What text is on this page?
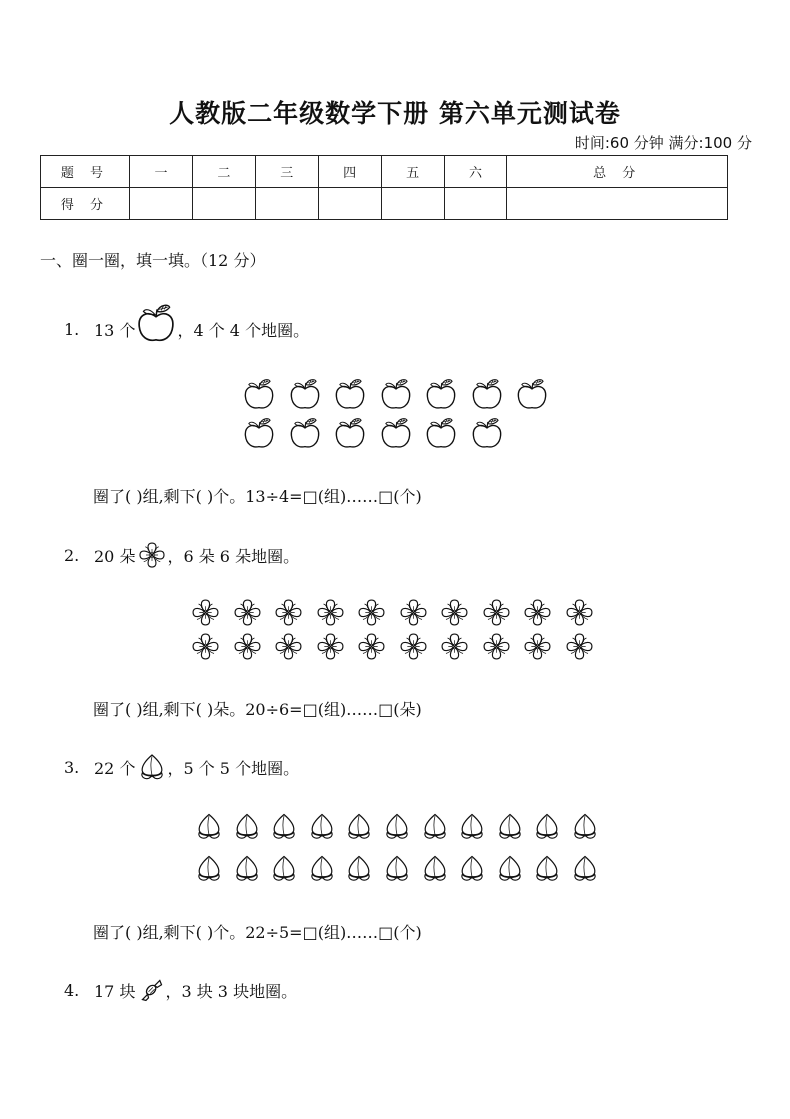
人教版二年级数学下册 第六单元测试卷
时间:60 分钟 满分:100 分
题 号	一	二	三	四	五	六	总 分
得 分							
一、圈一圈，填一填。（12 分）
1. 13 个	，4 个 4 个地圈。
圈了( )组,剩下( )个。13÷4=□(组)……□(个)
2. 20 朵 ，6 朵 6 朵地圈。
圈了( )组,剩下( )朵。20÷6=□(组)……□(朵)
3. 22 个 ，5 个 5 个地圈。
圈了( )组,剩下( )个。22÷5=□(组)……□(个)
4. 17 块 ，3 块 3 块地圈。
